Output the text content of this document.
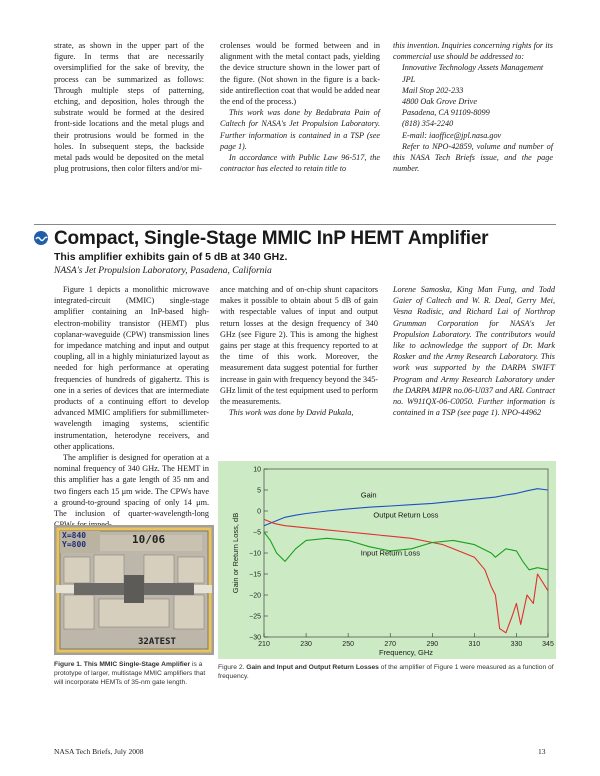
strate, as shown in the upper part of the figure. In terms that are necessarily oversimplified for the sake of brevity, the process can be summarized as follows: Through multiple steps of patterning, etching, and deposition, holes through the substrate would be formed at the desired front-side locations and the metal plugs and their protrusions would be formed in the holes. In subsequent steps, the backside metal pads would be deposited on the metal plug protrusions, then color filters and/or mi-

crolenses would be formed between and in alignment with the metal contact pads, yielding the device structure shown in the lower part of the figure. (Not shown in the figure is a back-side antireflection coat that would be added near the end of the process.)

This work was done by Bedabrata Pain of Caltech for NASA's Jet Propulsion Laboratory. Further information is contained in a TSP (see page 1).

In accordance with Public Law 96-517, the contractor has elected to retain title to

this invention. Inquiries concerning rights for its commercial use should be addressed to:

Innovative Technology Assets Management
JPL
Mail Stop 202-233
4800 Oak Grove Drive
Pasadena, CA 91109-8099
(818) 354-2240
E-mail: iaoffice@jpl.nasa.gov

Refer to NPO-42859, volume and number of this NASA Tech Briefs issue, and the page number.

Compact, Single-Stage MMIC InP HEMT Amplifier
This amplifier exhibits gain of 5 dB at 340 GHz.
NASA's Jet Propulsion Laboratory, Pasadena, California

Figure 1 depicts a monolithic microwave integrated-circuit (MMIC) single-stage amplifier containing an InP-based high-electron-mobility transistor (HEMT) plus coplanar-waveguide (CPW) transmission lines for impedance matching and input and output coupling, all in a highly miniaturized layout as needed for high performance at operating frequencies of hundreds of gigahertz. This is one in a series of devices that are intermediate products of a continuing effort to develop advanced MMIC amplifiers for submillimeter-wavelength imaging systems, scientific instrumentation, heterodyne receivers, and other applications.

The amplifier is designed for operation at a nominal frequency of 340 GHz. The HEMT in this amplifier has a gate length of 35 nm and two fingers each 15 μm wide. The CPWs have a ground-to-ground spacing of only 14 μm. The inclusion of quarter-wavelength-long

ance matching and of on-chip shunt capacitors makes it possible to obtain about 5 dB of gain with respectable values of input and output return losses at the design frequency of 340 GHz (see Figure 2). This is among the highest gains per stage at this frequency reported to at the time of this work. Moreover, the measurement data suggest potential for further increase in gain with frequency beyond the 345-GHz limit of the test equipment used to perform the measurements.

This work was done by David Pukala,

Lorene Samoska, King Man Fung, and Todd Gaier of Caltech and W. R. Deal, Gerry Mei, Vesna Radisic, and Richard Lai of Northrop Grumman Corporation for NASA's Jet Propulsion Laboratory. The contributors would like to acknowledge the support of Dr. Mark Rosker and the Army Research Laboratory. This work was supported by the DARPA SWIFT Program and Army Research Laboratory under the DARPA MIPR no.06-U037 and ARL Contract no. W911QX-06-C0050. Further information is contained in a TSP (see page 1). NPO-44962

X=840
Y=800	10/06
32ATEST
Figure 1. This MMIC Single-Stage Amplifier is a prototype of larger, multistage MMIC amplifiers that will incorporate HEMTs of 35-nm gate length.
10
5
0
−5
−10
−15
−20
−25
−30
210	230	250	270	290	310	330	345
Frequency, GHz
Gain or Return Loss, dB
Gain
Output Return Loss
Input Return Loss
Figure 2. Gain and Input and Output Return Losses of the amplifier of Figure 1 were measured as a function of frequency.
NASA Tech Briefs, July 2008	13
